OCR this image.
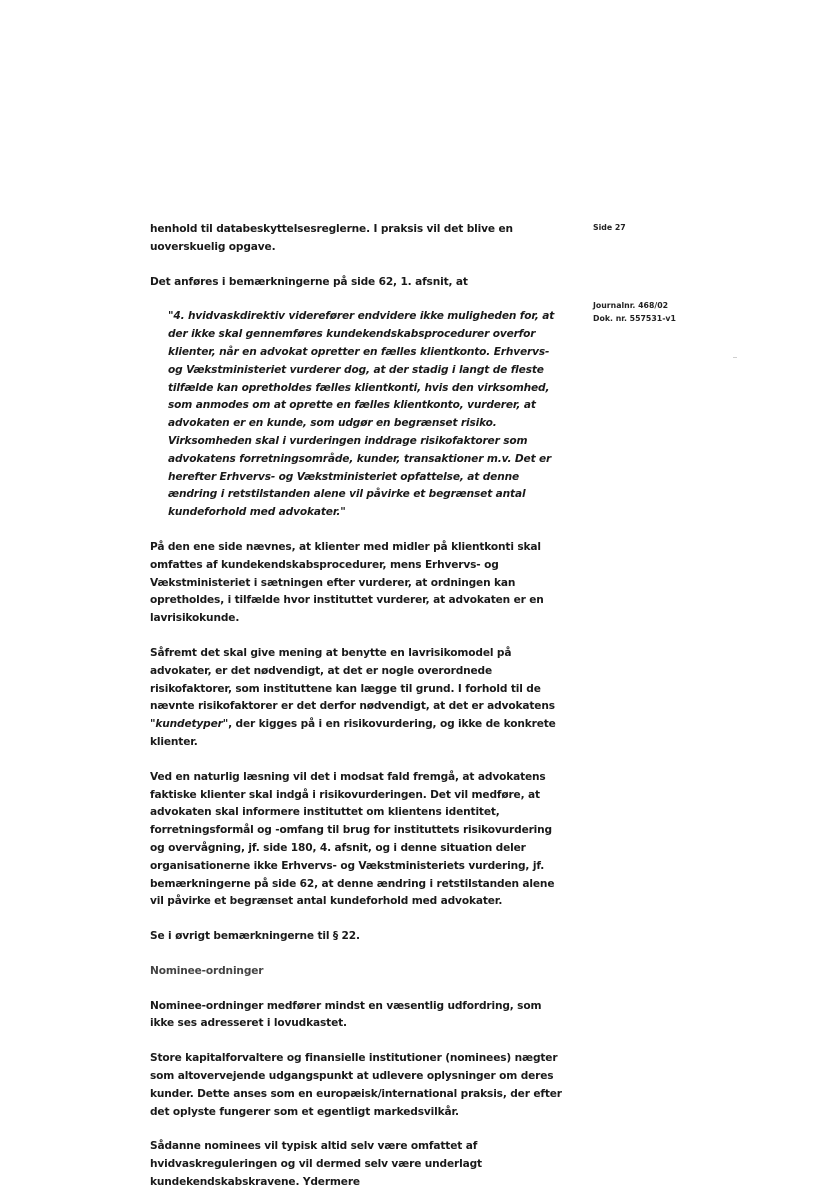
Side 27
Journalnr. 468/02
Dok. nr. 557531-v1

henhold til databeskyttelsesreglerne. I praksis vil det blive en uoverskuelig opgave.

Det anføres i bemærkningerne på side 62, 1. afsnit, at

"4. hvidvaskdirektiv viderefører endvidere ikke muligheden for, at der ikke skal gennemføres kundekendskabsprocedurer overfor klienter, når en advokat opretter en fælles klientkonto. Erhvervs- og Vækstministeriet vurderer dog, at der stadig i langt de fleste tilfælde kan opretholdes fælles klientkonti, hvis den virksomhed, som anmodes om at oprette en fælles klientkonto, vurderer, at advokaten er en kunde, som udgør en begrænset risiko. Virksomheden skal i vurderingen inddrage risikofaktorer som advokatens forretningsområde, kunder, transaktioner m.v. Det er herefter Erhvervs- og Vækstministeriet opfattelse, at denne ændring i retstilstanden alene vil påvirke et begrænset antal kundeforhold med advokater."

På den ene side nævnes, at klienter med midler på klientkonti skal omfattes af kundekendskabsprocedurer, mens Erhvervs- og Vækstministeriet i sætningen efter vurderer, at ordningen kan opretholdes, i tilfælde hvor instituttet vurderer, at advokaten er en lavrisikokunde.

Såfremt det skal give mening at benytte en lavrisikomodel på advokater, er det nødvendigt, at det er nogle overordnede risikofaktorer, som instituttene kan lægge til grund. I forhold til de nævnte risikofaktorer er det derfor nødvendigt, at det er advokatens "kundetyper", der kigges på i en risikovurdering, og ikke de konkrete klienter.

Ved en naturlig læsning vil det i modsat fald fremgå, at advokatens faktiske klienter skal indgå i risikovurderingen. Det vil medføre, at advokaten skal informere instituttet om klientens identitet, forretningsformål og -omfang til brug for instituttets risikovurdering og overvågning, jf. side 180, 4. afsnit, og i denne situation deler organisationerne ikke Erhvervs- og Vækstministeriets vurdering, jf. bemærkningerne på side 62, at denne ændring i retstilstanden alene vil påvirke et begrænset antal kundeforhold med advokater.

Se i øvrigt bemærkningerne til § 22.

Nominee-ordninger

Nominee-ordninger medfører mindst en væsentlig udfordring, som ikke ses adresseret i lovudkastet.

Store kapitalforvaltere og finansielle institutioner (nominees) nægter som altovervejende udgangspunkt at udlevere oplysninger om deres kunder. Dette anses som en europæisk/international praksis, der efter det oplyste fungerer som et egentligt markedsvilkår.

Sådanne nominees vil typisk altid selv være omfattet af hvidvaskreguleringen og vil dermed selv være underlagt kundekendskabskravene. Ydermere
